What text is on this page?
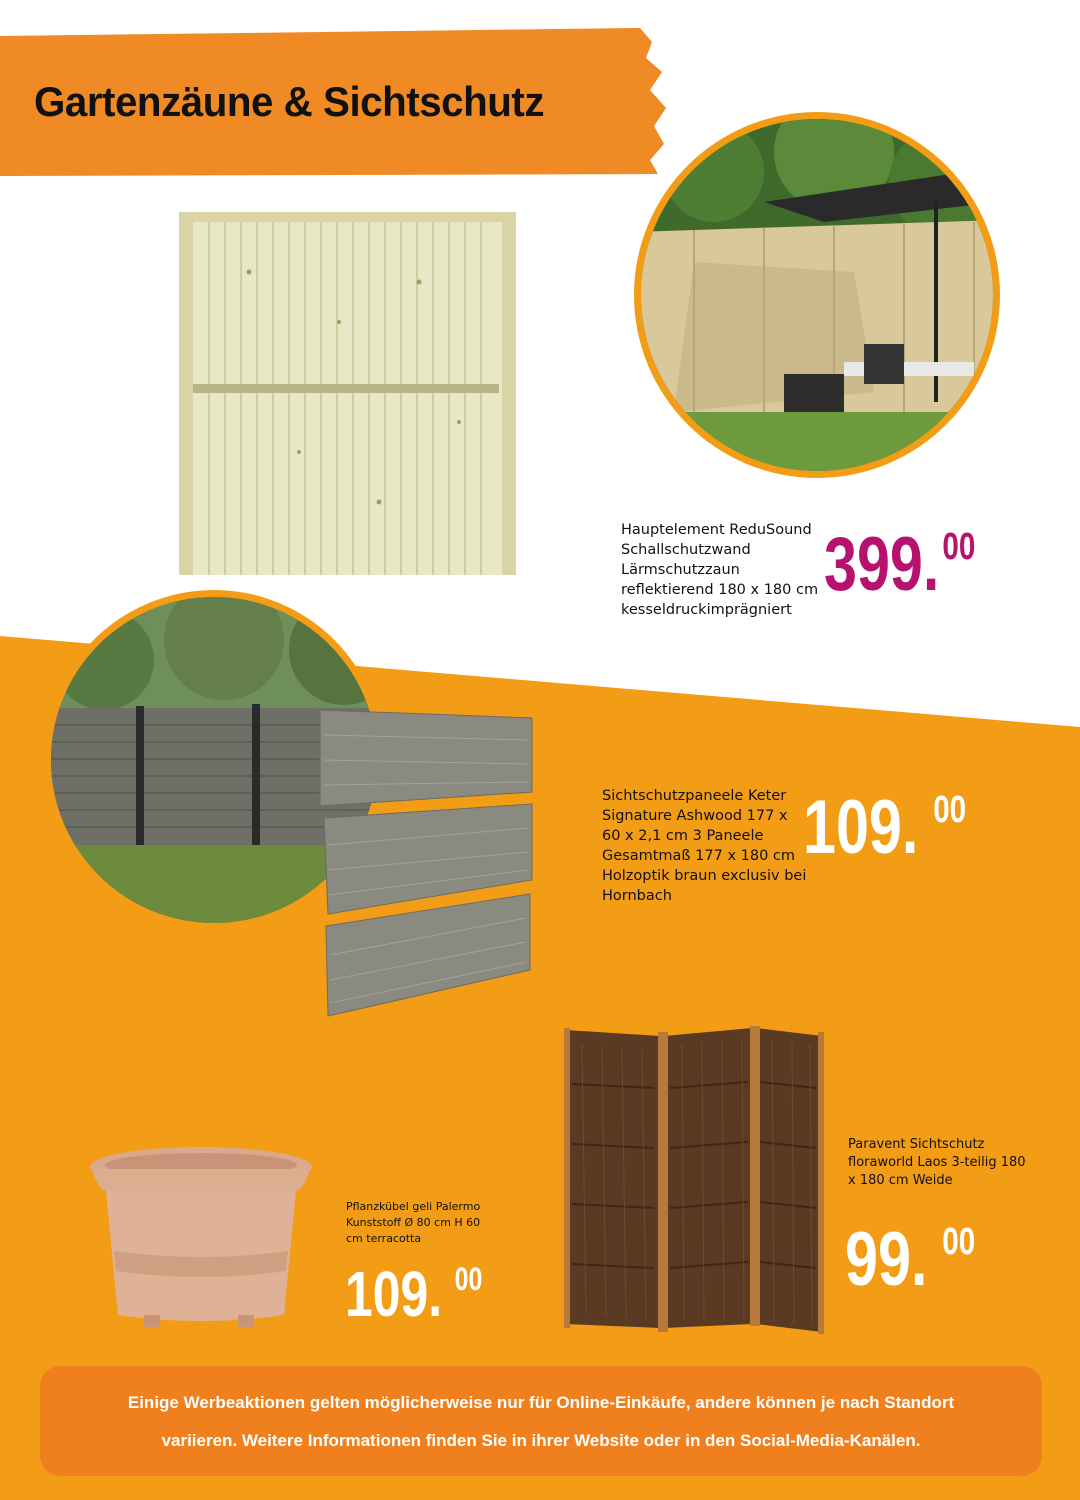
Gartenzäune & Sichtschutz
Hauptelement ReduSound
Schallschutzwand
Lärmschutzzaun
reflektierend 180 x 180 cm
kesseldruckimprägniert
399.00
Sichtschutzpaneele Keter
Signature Ashwood 177 x
60 x 2,1 cm 3 Paneele
Gesamtmaß 177 x 180 cm
Holzoptik braun exclusiv bei
Hornbach
109. $^{00}$
Pflanzkübel geli Palermo
Kunststoff Ø 80 cm H 60
cm terracotta
109. $^{00}$
Paravent Sichtschutz
floraworld Laos 3-teilig 180
x 180 cm Weide
99. $^{00}$

Einige Werbeaktionen gelten möglicherweise nur für Online-Einkäufe, andere können je nach Standort

variieren. Weitere Informationen finden Sie in ihrer Website oder in den Social-Media-Kanälen.
